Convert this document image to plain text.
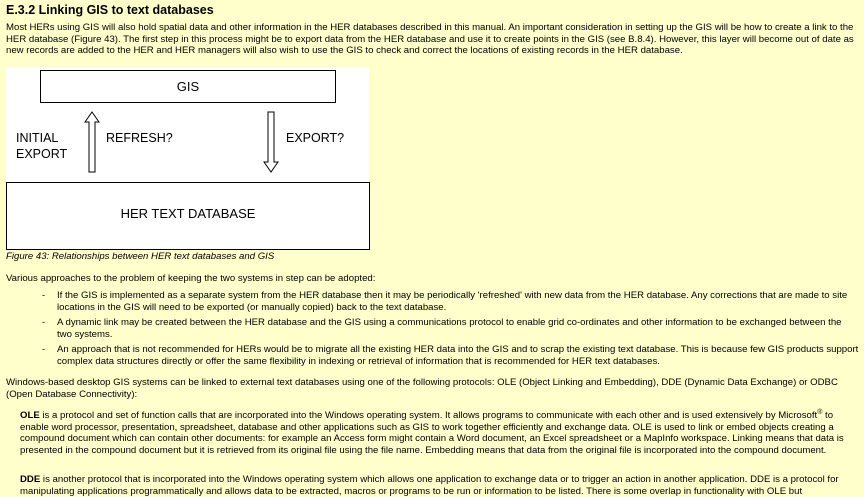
E.3.2 Linking GIS to text databases

Most HERs using GIS will also hold spatial data and other information in the HER databases described in this manual. An important consideration in setting up the GIS will be how to create a link to the HER database (Figure 43). The first step in this process might be to export data from the HER database and use it to create points in the GIS (see B.8.4). However, this layer will become out of date as new records are added to the HER and HER managers will also wish to use the GIS to check and correct the locations of existing records in the HER database.

GIS
INITIAL
EXPORT
REFRESH?	EXPORT?
HER TEXT DATABASE
Figure 43: Relationships between HER text databases and GIS

Various approaches to the problem of keeping the two systems in step can be adopted:

- If the GIS is implemented as a separate system from the HER database then it may be periodically 'refreshed' with new data from the HER database. Any corrections that are made to site locations in the GIS will need to be exported (or manually copied) back to the text database.
- A dynamic link may be created between the HER database and the GIS using a communications protocol to enable grid co-ordinates and other information to be exchanged between the two systems.
- An approach that is not recommended for HERs would be to migrate all the existing HER data into the GIS and to scrap the existing text database. This is because few GIS products support complex data structures directly or offer the same flexibility in indexing or retrieval of information that is recommended for HER text databases.

Windows-based desktop GIS systems can be linked to external text databases using one of the following protocols: OLE (Object Linking and Embedding), DDE (Dynamic Data Exchange) or ODBC (Open Database Connectivity):

OLE is a protocol and set of function calls that are incorporated into the Windows operating system. It allows programs to communicate with each other and is used extensively by Microsoft® to enable word processor, presentation, spreadsheet, database and other applications such as GIS to work together efficiently and exchange data. OLE is used to link or embed objects creating a compound document which can contain other documents: for example an Access form might contain a Word document, an Excel spreadsheet or a MapInfo workspace. Linking means that data is presented in the compound document but it is retrieved from its original file using the file name. Embedding means that data from the original file is incorporated into the compound document.

DDE is another protocol that is incorporated into the Windows operating system which allows one application to exchange data or to trigger an action in another application. DDE is a protocol for manipulating applications programmatically and allows data to be extracted, macros or programs to be run or information to be listed. There is some overlap in functionality with OLE but
